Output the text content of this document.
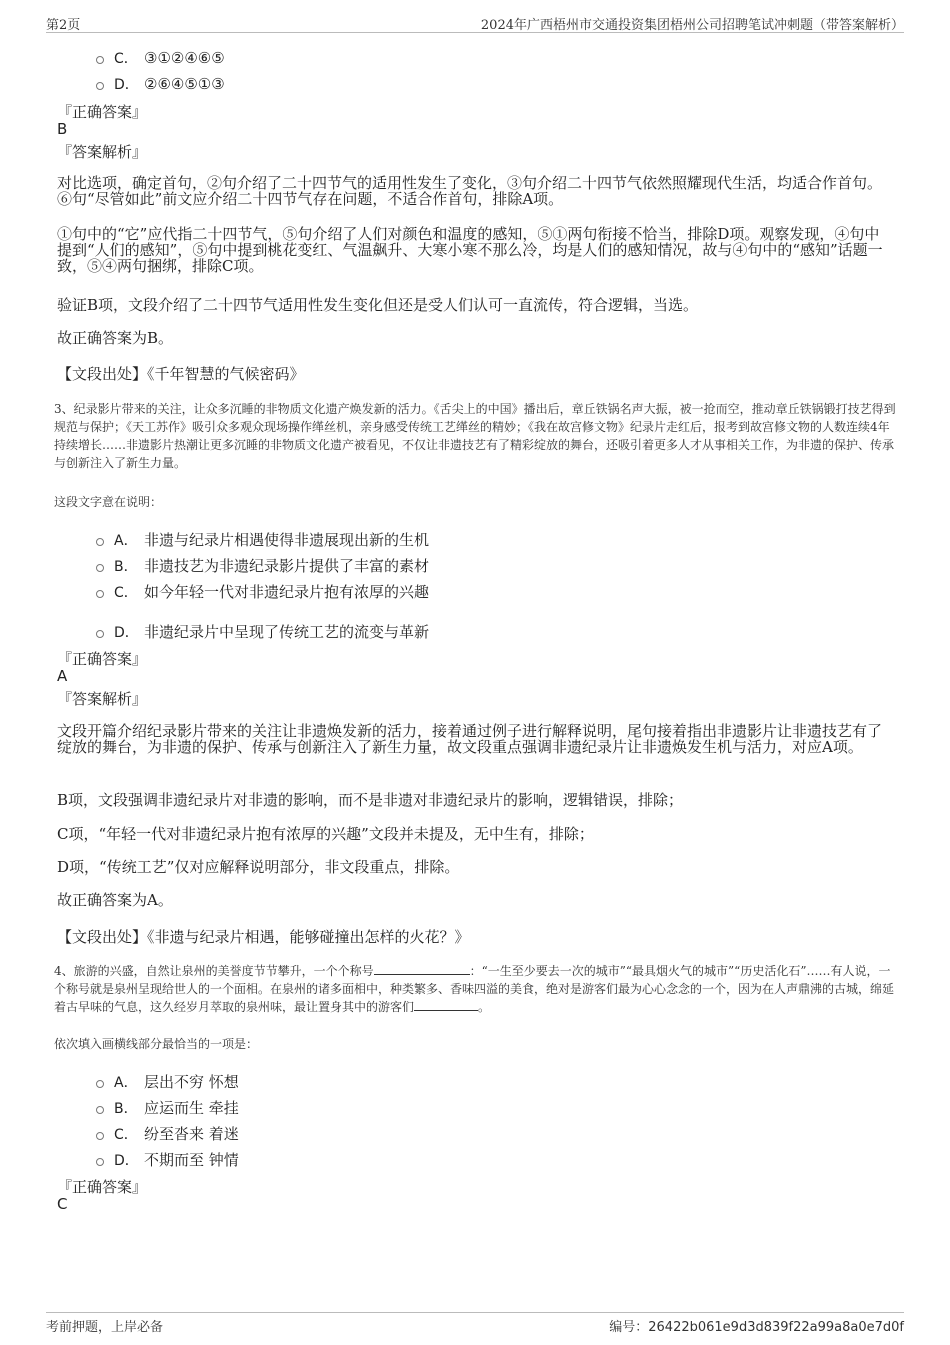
第2页	2024年广西梧州市交通投资集团梧州公司招聘笔试冲刺题（带答案解析）
C． ③①②④⑥⑤
D． ②⑥④⑤①③
『正确答案』
B
『答案解析』
对比选项，确定首句，②句介绍了二十四节气的适用性发生了变化，③句介绍二十四节气依然照耀现代生活，均适合作首句。⑥句“尽管如此”前文应介绍二十四节气存在问题，不适合作首句，排除A项。
①句中的“它”应代指二十四节气，⑤句介绍了人们对颜色和温度的感知，⑤①两句衔接不恰当，排除D项。观察发现，④句中提到“人们的感知”，⑤句中提到桃花变红、气温飙升、大寒小寒不那么冷，均是人们的感知情况，故与④句中的“感知”话题一致，⑤④两句捆绑，排除C项。
验证B项，文段介绍了二十四节气适用性发生变化但还是受人们认可一直流传，符合逻辑，当选。
故正确答案为B。
【文段出处】《千年智慧的气候密码》
3、纪录影片带来的关注，让众多沉睡的非物质文化遗产焕发新的活力。《舌尖上的中国》播出后，章丘铁锅名声大振，被一抢而空，推动章丘铁锅锻打技艺得到规范与保护；《天工苏作》吸引众多观众现场操作缂丝机，亲身感受传统工艺缂丝的精妙；《我在故宫修文物》纪录片走红后，报考到故宫修文物的人数连续4年持续增长……非遗影片热潮让更多沉睡的非物质文化遗产被看见，不仅让非遗技艺有了精彩绽放的舞台，还吸引着更多人才从事相关工作，为非遗的保护、传承与创新注入了新生力量。
这段文字意在说明：
A． 非遗与纪录片相遇使得非遗展现出新的生机
B． 非遗技艺为非遗纪录影片提供了丰富的素材
C． 如今年轻一代对非遗纪录片抱有浓厚的兴趣
D． 非遗纪录片中呈现了传统工艺的流变与革新
『正确答案』
A
『答案解析』
文段开篇介绍纪录影片带来的关注让非遗焕发新的活力，接着通过例子进行解释说明，尾句接着指出非遗影片让非遗技艺有了绽放的舞台，为非遗的保护、传承与创新注入了新生力量，故文段重点强调非遗纪录片让非遗焕发生机与活力，对应A项。
B项，文段强调非遗纪录片对非遗的影响，而不是非遗对非遗纪录片的影响，逻辑错误，排除；
C项，“年轻一代对非遗纪录片抱有浓厚的兴趣”文段并未提及，无中生有，排除；
D项，“传统工艺”仅对应解释说明部分，非文段重点，排除。
故正确答案为A。
【文段出处】《非遗与纪录片相遇，能够碰撞出怎样的火花？》
4、旅游的兴盛，自然让泉州的美誉度节节攀升，一个个称号	：“一生至少要去一次的城市”“最具烟火气的城市”“历史活化石”……有人说，一个称号就是泉州呈现给世人的一个面相。在泉州的诸多面相中，种类繁多、香味四溢的美食，绝对是游客们最为心心念念的一个，因为在人声鼎沸的古城，绵延着古早味的气息，这久经岁月萃取的泉州味，最让置身其中的游客们	。
依次填入画横线部分最恰当的一项是：
A． 层出不穷 怀想
B． 应运而生 牵挂
C． 纷至沓来 着迷
D． 不期而至 钟情
『正确答案』
C
考前押题，上岸必备	编号：26422b061e9d3d839f22a99a8a0e7d0f
